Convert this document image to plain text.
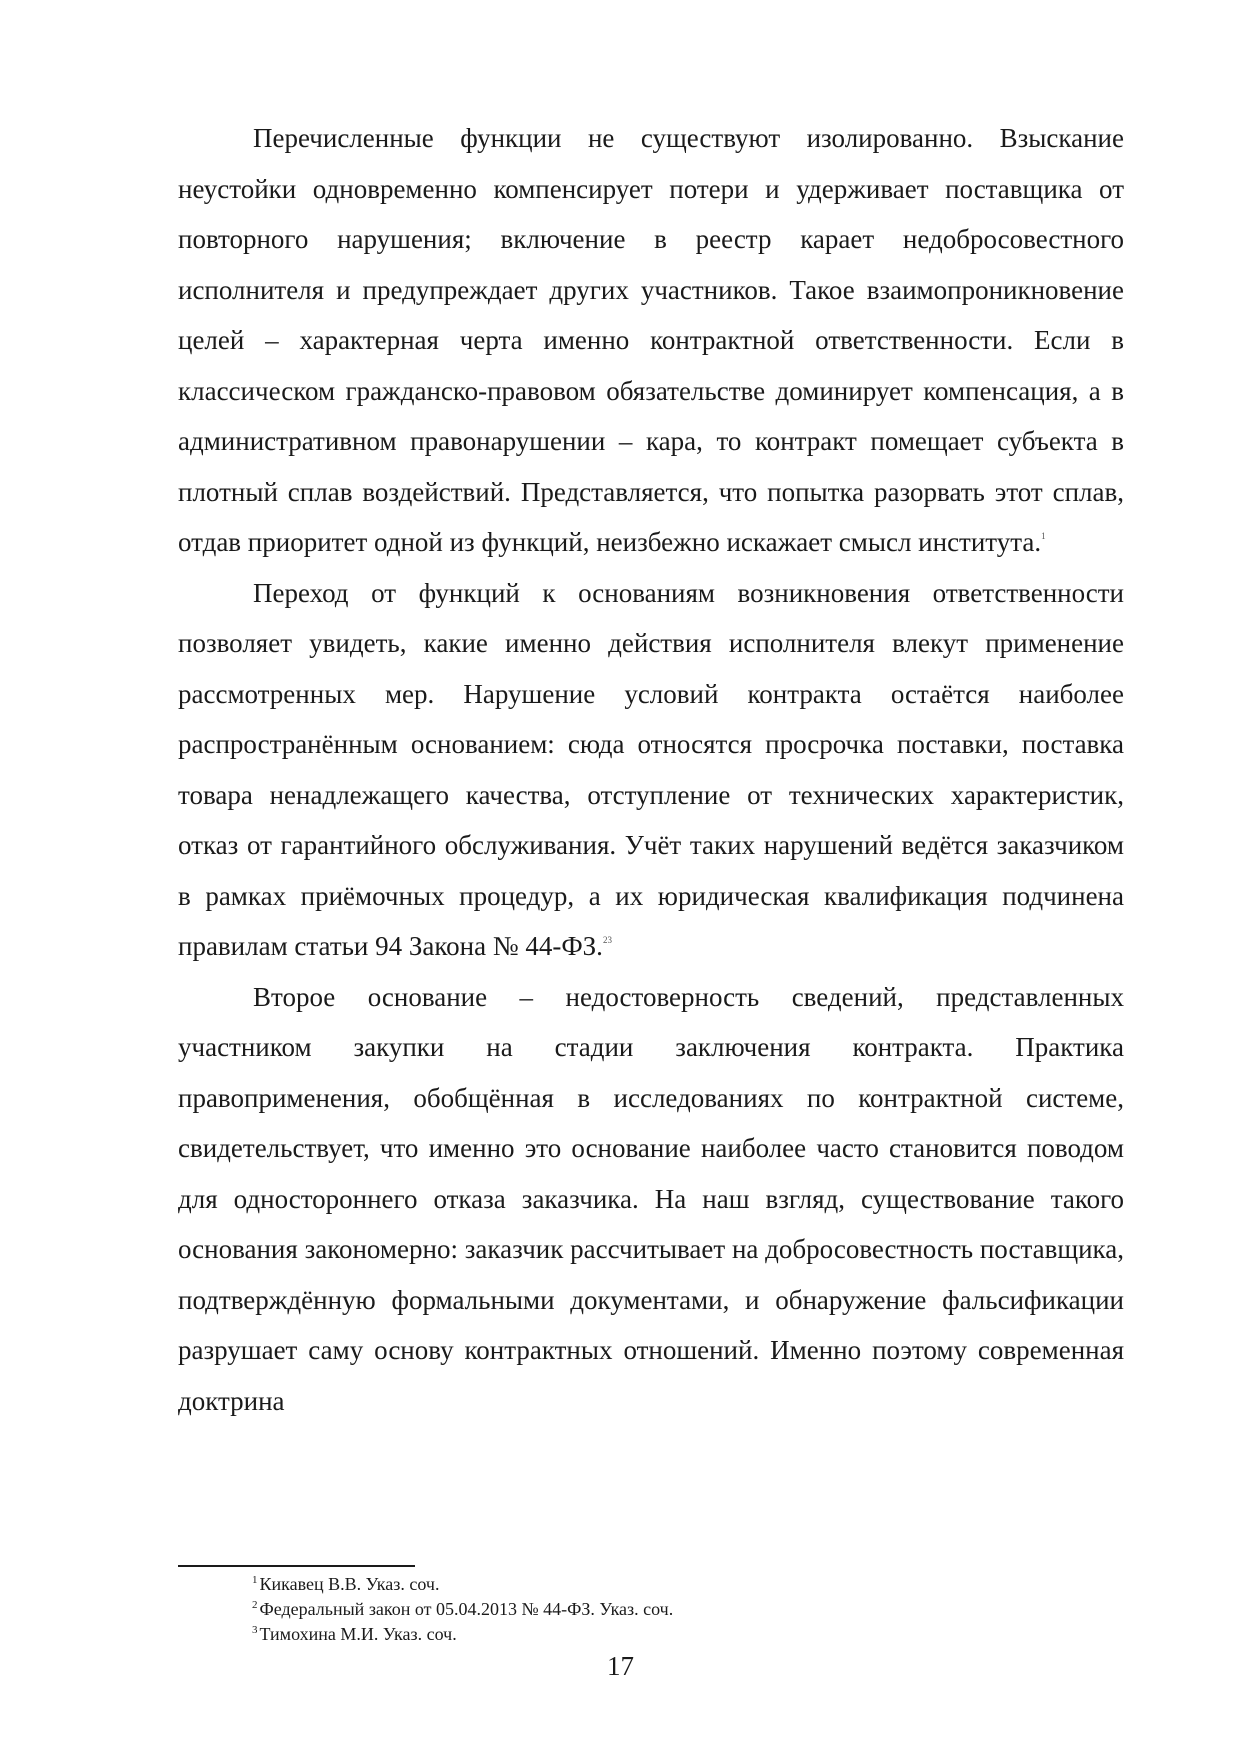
Перечисленные функции не существуют изолированно. Взыскание неустойки одновременно компенсирует потери и удерживает поставщика от повторного нарушения; включение в реестр карает недобросовестного исполнителя и предупреждает других участников. Такое взаимопроникновение целей – характерная черта именно контрактной ответственности. Если в классическом гражданско-правовом обязательстве доминирует компенсация, а в административном правонарушении – кара, то контракт помещает субъекта в плотный сплав воздействий. Представляется, что попытка разорвать этот сплав, отдав приоритет одной из функций, неизбежно искажает смысл института.$^1$

Переход от функций к основаниям возникновения ответственности позволяет увидеть, какие именно действия исполнителя влекут применение рассмотренных мер. Нарушение условий контракта остаётся наиболее распространённым основанием: сюда относятся просрочка поставки, поставка товара ненадлежащего качества, отступление от технических характеристик, отказ от гарантийного обслуживания. Учёт таких нарушений ведётся заказчиком в рамках приёмочных процедур, а их юридическая квалификация подчинена правилам статьи 94 Закона № 44-ФЗ.$^{23}$

Второе основание – недостоверность сведений, представленных участником закупки на стадии заключения контракта. Практика правоприменения, обобщённая в исследованиях по контрактной системе, свидетельствует, что именно это основание наиболее часто становится поводом для одностороннего отказа заказчика. На наш взгляд, существование такого основания закономерно: заказчик рассчитывает на добросовестность поставщика, подтверждённую формальными документами, и обнаружение фальсификации разрушает саму основу контрактных отношений. Именно поэтому современная доктрина

$^1$ Кикавец В.В. Указ. соч.

$^2$ Федеральный закон от 05.04.2013 № 44-ФЗ. Указ. соч.

$^3$ Тимохина М.И. Указ. соч.

17
